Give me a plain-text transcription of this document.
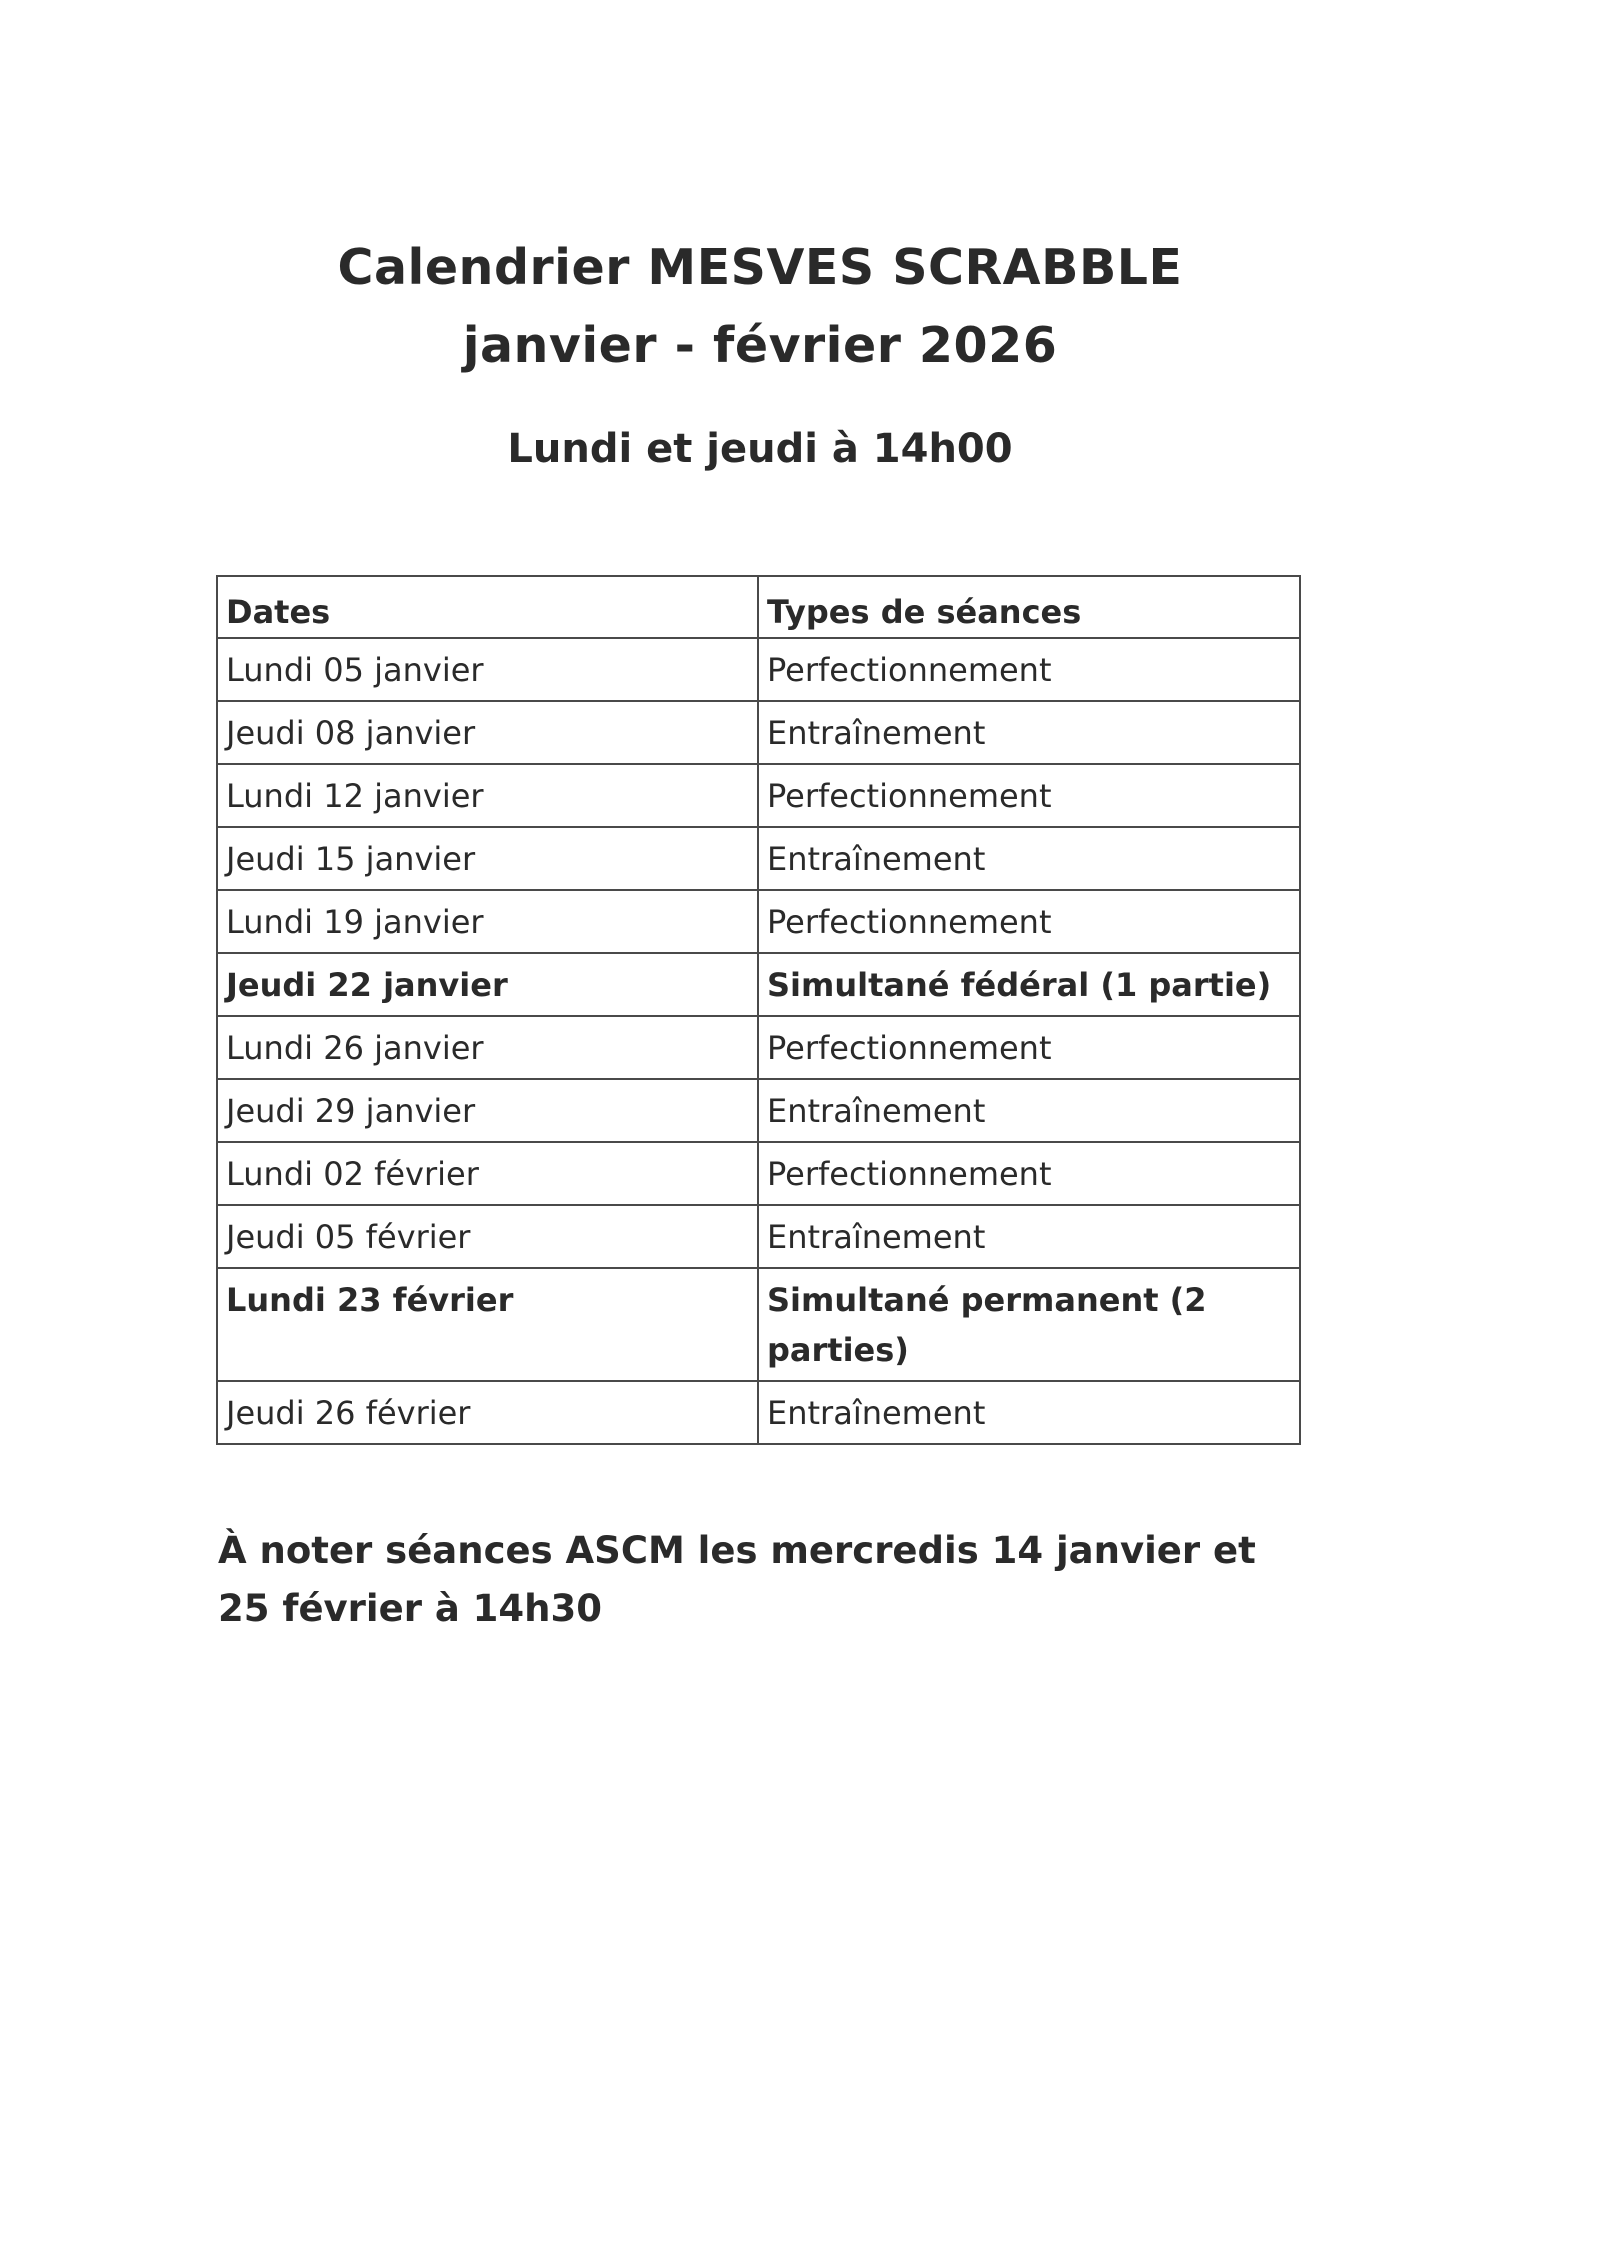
Calendrier MESVES SCRABBLE
janvier - février 2026
Lundi et jeudi à 14h00
Dates	Types de séances
Lundi 05 janvier	Perfectionnement
Jeudi 08 janvier	Entraînement
Lundi 12 janvier	Perfectionnement
Jeudi 15 janvier	Entraînement
Lundi 19 janvier	Perfectionnement
Jeudi 22 janvier	Simultané fédéral (1 partie)
Lundi 26 janvier	Perfectionnement
Jeudi 29 janvier	Entraînement
Lundi 02 février	Perfectionnement
Jeudi 05 février	Entraînement
Lundi 23 février	Simultané permanent (2 parties)
Jeudi 26 février	Entraînement
À noter séances ASCM les mercredis 14 janvier et 25 février à 14h30
